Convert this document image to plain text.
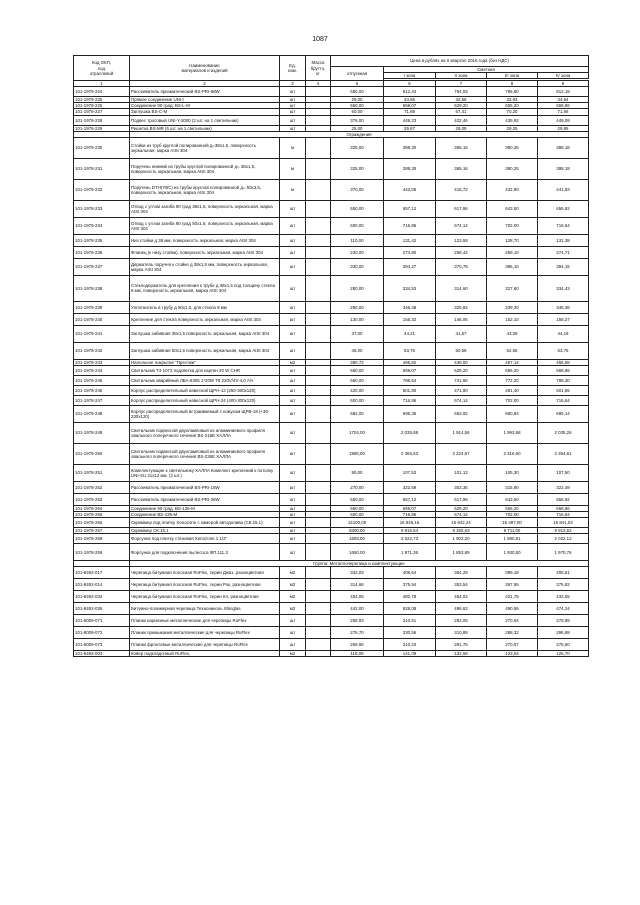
1087
Код ОКП,
код
отраслевой	Наименование
материалов и изделий	Ед.
изм.	Масса
брутто,
кг	Цена в рублях на II квартал 2016 года (без НДС)				
				отпускная	Сметная			
					I зона	II зона	III зона	IV зона

1	2	3	4	5	6	7	8	9
101-1978-224	Рассеиватель призматический BS-PRI-58W	шт		680,00	812,44	764,03	796,60	812,19
101-1978-225	Прямое соединение UNI-I	шт		29,00	34,65	32,58	33,93	34,64
101-1978-226	Соединение 90 град. BS-L-M	шт		560,00	669,07	629,20	655,20	668,86
101-1978-227	Заглушка BS-C-M	шт		60,00	71,69	67,41	70,20	71,66
101-1978-228	Подвес тросовый UNI-Y-2000 (2 шт. на 1 светильник)	шт		376,00	449,23	422,46	439,92	449,09
101-1978-229	Решетка BS-MR (5 шт. на 1 светильник)	шт		25,00	29,87	28,09	29,25	29,86
	Ограждения							
101-1978-230	Стойки из труб круглой полированной д=38х1,5, поверхность зеркальная, марка AISI 304	м		325,00	388,30	365,16	380,25	388,18
101-1978-231	Поручень нижний из трубы круглой полированной д= 38х1,5, поверхность зеркальная, марка AISI 304	м		325,00	388,30	365,16	380,25	388,18
101-1978-232	Поручень DTН(YBС) из трубы круглой полированной д= 50х3,5, поверхность зеркальная, марка AISI 304	м		370,00	442,06	415,72	432,90	441,93
101-1978-233	Отвод с углом загиба 90 град 38х1,5, поверхность зеркальная, марка AISI 304	шт		550,00	657,12	617,96	643,50	656,92
101-1978-234	Отвод с углом загиба 90 град 50х1,5, поверхность зеркальная, марка AISI 304	шт		600,00	716,86	674,14	702,00	716,64
101-1978-235	Низ стойки д 38 мм, поверхность зеркальная, марка AISI 304	шт		110,00	131,42	123,59	128,70	131,38
101-1978-236	Фланец (к низу стойки), поверхность зеркальная, марка AISI 304	шт		230,00	274,80	258,42	269,10	274,71
101-1978-237	Держатель поручня к стойке д 38х1,5 мм, поверхность зеркальная, марка AISI 304	шт		330,00	394,27	370,78	386,10	394,15
101-1978-238	Стеклодержатель для крепления к трубе д 38х1,5 под толщину стекла 8 мм, поверхность зеркальная, марка AISI 304	шт		280,00	334,53	314,60	327,60	334,43
101-1978-239	Уплотнитель в трубу д 50х1,5, для стекла 8 мм	шт		290,00	346,48	325,84	339,30	346,38
101-1978-240	Крепление для стекла поверхность зеркальная, марка AISI 304	шт		130,00	155,32	146,06	152,10	155,27
101-1978-241	Заглушка забивная 38х1,5 поверхность зеркальная, марка AISI 304	шт		37,00	44,21	41,57	43,29	44,19
101-1978-242	Заглушка забивная 50х1,5 поверхность зеркальная, марка AISI 304	шт		45,00	53,76	50,56	52,65	53,75
101-1978-243	Напольное покрытие "Престиж"	м2		390,72	466,82	439,00	457,14	466,68
101-1978-244	Светильник T4-1072 подсветка для картин 20 W CHR	шт		560,00	669,07	629,20	655,20	668,86
101-1978-245	Светильник аварийный ЛБА-6305 1*20W T8 220V/4V-4,0 А/ч	шт		660,00	788,54	741,56	772,20	788,30
101-1978-246	Корпус распределительный навесной ЩРН-12 (250-300х120)	шт		420,00	501,80	471,90	491,40	501,65
101-1978-247	Корпус распределительный навесной ЩРН-24 (400-300х120)	шт		600,00	716,86	674,14	702,00	716,64
101-1978-248	Корпус распределительный встраиваемый с кожухом ЩРВ-18 (+30-330х120)	шт		582,00	695,35	653,92	680,94	695,14
101-1978-249	Светильник подвесной двухламповый из алюминиевого профиля овального поперечного сечения BS-218E ХАЛЛА	шт		1704,00	2 035,88	1 914,56	1 993,68	2 035,26
101-1978-250	Светильник подвесной двухламповый из алюминиевого профиля овального поперечного сечения BS-236E ХАЛЛА	шт		1980,00	2 365,63	2 224,67	2 316,60	2 364,91
101-1978-251	Комплектующие к светильнику ХАЛЛА Комплект креплений к потолку UNI-SU 21х12 мм. (2 шт.)	шт		90,00	107,53	101,12	105,30	107,50
101-1978-252	Рассеиватель призматический BS-PRI-18W	шт		270,00	322,59	303,36	315,90	322,49
101-1978-253	Рассеиватель призматический BS-PRI-36W	шт		550,00	657,12	617,96	643,50	656,92
101-1978-254	Соединение 90 град. BS-135-M	шт		560,00	669,07	629,20	655,20	668,86
101-1978-255	Соединение BS-135-M	шт		600,00	716,86	674,14	702,00	716,64
101-1978-256	Скриммер под плитку Xenozone с камерой автодолива (СК.15.1)	шт		14100,00	16 846,16	15 842,24	16 497,00	16 841,04
101-1978-257	Скриммер СК.15.1	шт		8300,00	9 916,54	9 325,63	9 711,00	9 913,52
101-1978-258	Форсунка под плитку стеновая Xenozone 1 1/2"	шт		1693,00	2 022,73	1 902,20	1 980,81	2 022,12
101-1978-259	Форсунка для подключения пылесоса ФП.111.3	шт		1650,00	1 971,36	1 853,89	1 930,50	1 970,76
	Группа: Металлочерепица и комплектующие							
101-8492-017	Черепица битумная полосная RuFlex, серии Джаз, разноцветная	м2		342,03	408,64	384,29	399,18	408,51
101-8492-014	Черепица битумная полосная RuFlex, серии Рок, разноцветная	м2		314,66	375,94	353,54	367,95	375,82
101-8492-033	Черепица битумная полосная RuFlex, серии Кл, разноцветная	м2		404,06	482,78	454,02	421,75	433,55
101-8492-036	Битумно-полимерная черепица Технониколь Shinglas	м2		442,00	528,08	496,62	490,56	474,24
101-8009-071	Планки карнизные металлические для черепицы RuFlex	шт		258,93	310,51	292,05	270,64	278,89
101-8009-072	Планки примыкания металлические для черепицы RuFlex	шт		276,70	330,56	310,89	288,32	296,88
101-8009-073	Планки фронтовые металлические для черепицы RuFlex	шт		259,66	310,23	291,75	270,57	278,60
101-8492-003	Ковер подкладочный RuFlex,	м2		118,09	141,09	132,68	123,04	126,70
